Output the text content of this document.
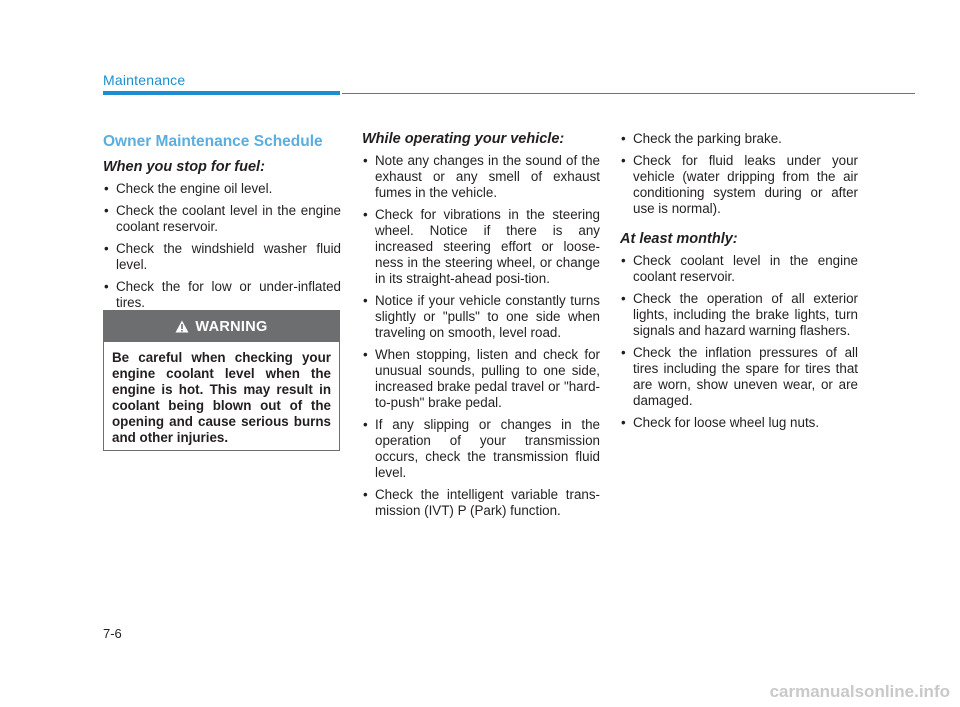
Maintenance
Owner Maintenance Schedule
When you stop for fuel:
• Check the engine oil level.
• Check the coolant level in the engine coolant reservoir.
• Check the windshield washer fluid level.
• Check the for low or under-inflated tires.
WARNING
Be careful when checking your engine coolant level when the engine is hot. This may result in coolant being blown out of the opening and cause serious burns and other injuries.
While operating your vehicle:
• Note any changes in the sound of the exhaust or any smell of exhaust fumes in the vehicle.
• Check for vibrations in the steering wheel. Notice if there is any increased steering effort or loose-ness in the steering wheel, or change in its straight-ahead posi-tion.
• Notice if your vehicle constantly turns slightly or "pulls" to one side when traveling on smooth, level road.
• When stopping, listen and check for unusual sounds, pulling to one side, increased brake pedal travel or "hard-to-push" brake pedal.
• If any slipping or changes in the operation of your transmission occurs, check the transmission fluid level.
• Check the intelligent variable trans-mission (IVT) P (Park) function.
• Check the parking brake.
• Check for fluid leaks under your vehicle (water dripping from the air conditioning system during or after use is normal).
At least monthly:
• Check coolant level in the engine coolant reservoir.
• Check the operation of all exterior lights, including the brake lights, turn signals and hazard warning flashers.
• Check the inflation pressures of all tires including the spare for tires that are worn, show uneven wear, or are damaged.
• Check for loose wheel lug nuts.
7-6
carmanualsonline.info
